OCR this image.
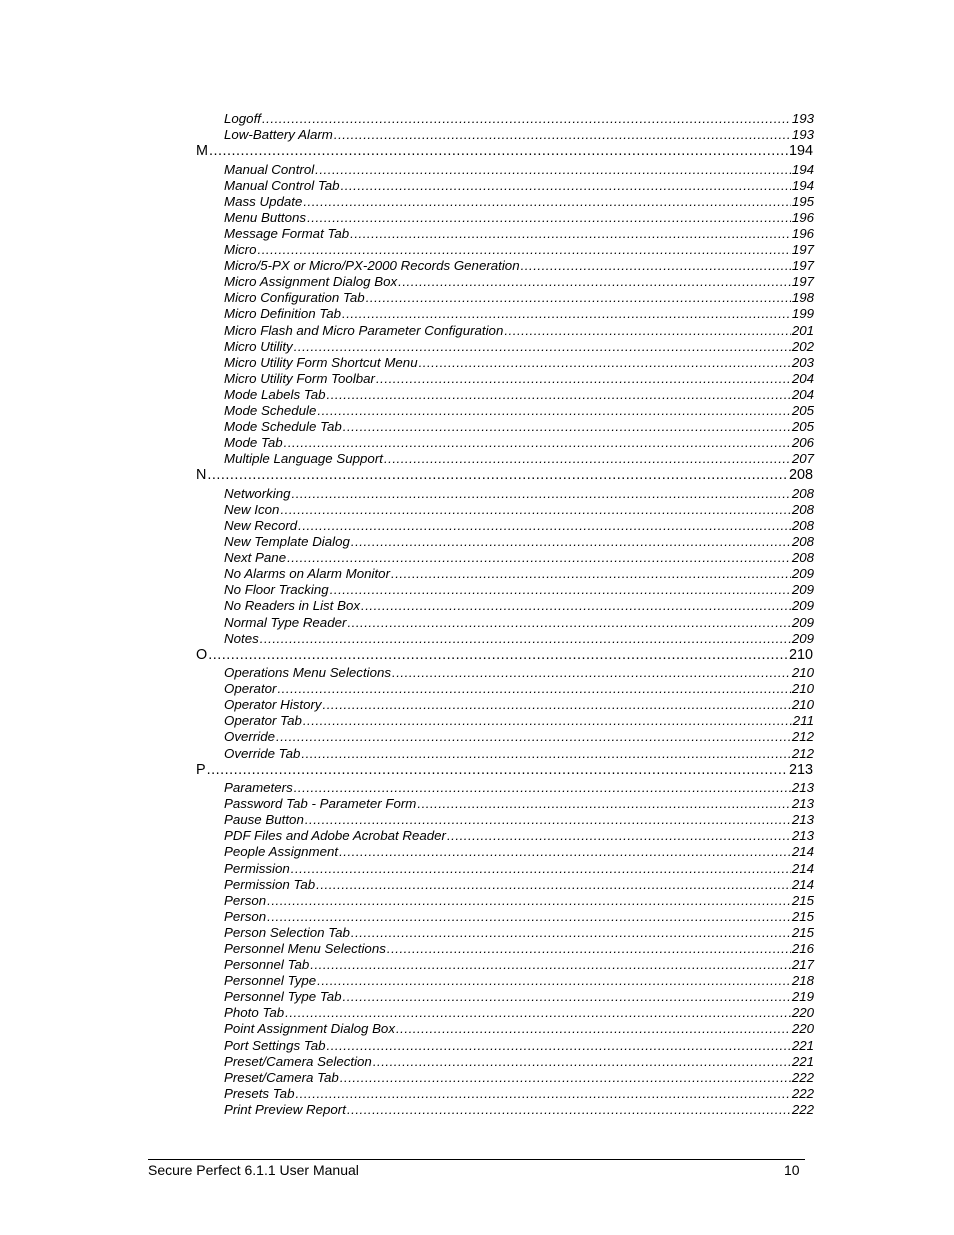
Logoff .....	193
Low-Battery Alarm .....	193
M .....	194
Manual Control .....	194
Manual Control Tab .....	194
Mass Update .....	195
Menu Buttons .....	196
Message Format Tab .....	196
Micro .....	197
Micro/5-PX or Micro/PX-2000 Records Generation .....	197
Micro Assignment Dialog Box .....	197
Micro Configuration Tab .....	198
Micro Definition Tab .....	199
Micro Flash and Micro Parameter Configuration .....	201
Micro Utility .....	202
Micro Utility Form Shortcut Menu .....	203
Micro Utility Form Toolbar .....	204
Mode Labels Tab .....	204
Mode Schedule .....	205
Mode Schedule Tab .....	205
Mode Tab .....	206
Multiple Language Support .....	207
N .....	208
Networking .....	208
New Icon .....	208
New Record .....	208
New Template Dialog .....	208
Next Pane .....	208
No Alarms on Alarm Monitor .....	209
No Floor Tracking .....	209
No Readers in List Box .....	209
Normal Type Reader .....	209
Notes .....	209
O .....	210
Operations Menu Selections .....	210
Operator .....	210
Operator History .....	210
Operator Tab .....	211
Override .....	212
Override Tab .....	212
P .....	213
Parameters .....	213
Password Tab - Parameter Form .....	213
Pause Button .....	213
PDF Files and Adobe Acrobat Reader .....	213
People Assignment .....	214
Permission .....	214
Permission Tab .....	214
Person .....	215
Person .....	215
Person Selection Tab .....	215
Personnel Menu Selections .....	216
Personnel Tab .....	217
Personnel Type .....	218
Personnel Type Tab .....	219
Photo Tab .....	220
Point Assignment Dialog Box .....	220
Port Settings Tab .....	221
Preset/Camera Selection .....	221
Preset/Camera Tab .....	222
Presets Tab .....	222
Print Preview Report .....	222
Secure Perfect 6.1.1 User Manual	10
